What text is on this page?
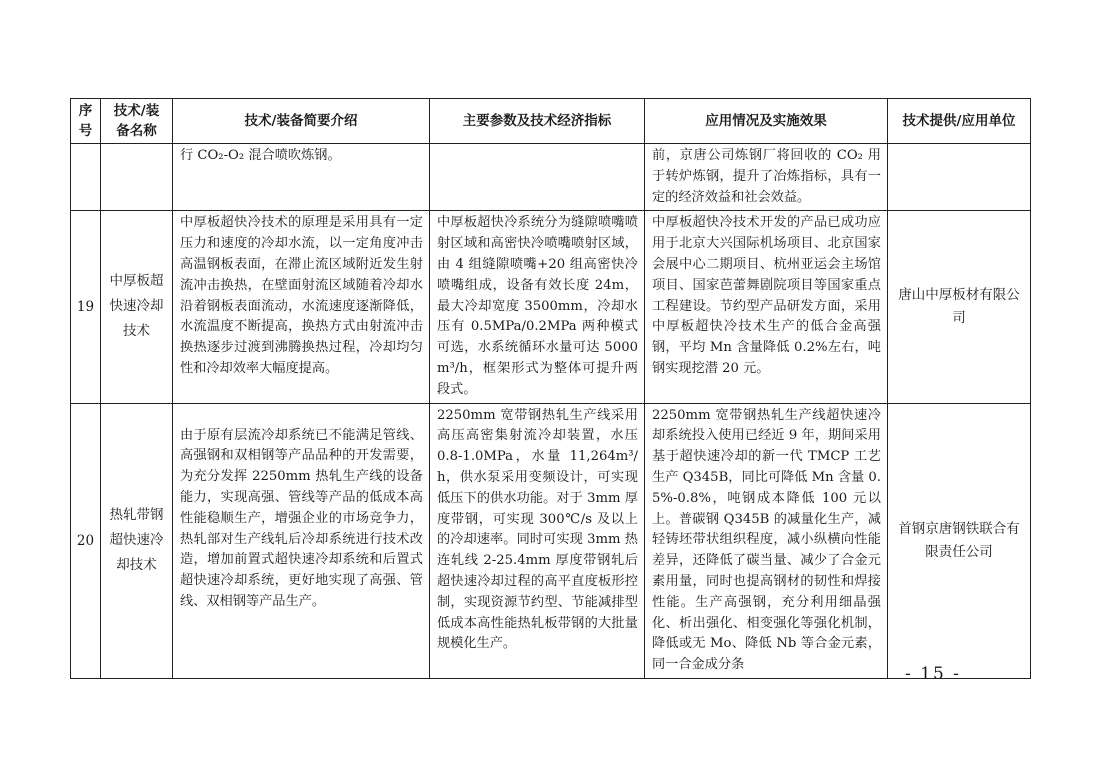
序号	技术/装备名称	技术/装备简要介绍	主要参数及技术经济指标	应用情况及实施效果	技术提供/应用单位

		行 CO₂-O₂ 混合喷吹炼钢。		前，京唐公司炼钢厂将回收的 CO₂ 用于转炉炼钢，提升了冶炼指标，具有一定的经济效益和社会效益。	

19	中厚板超快速冷却技术	中厚板超快冷技术的原理是采用具有一定压力和速度的冷却水流，以一定角度冲击高温钢板表面，在滞止流区域附近发生射流冲击换热，在壁面射流区域随着冷却水沿着钢板表面流动，水流速度逐渐降低，水流温度不断提高，换热方式由射流冲击换热逐步过渡到沸腾换热过程，冷却均匀性和冷却效率大幅度提高。	中厚板超快冷系统分为缝隙喷嘴喷射区域和高密快冷喷嘴喷射区域，由 4 组缝隙喷嘴+20 组高密快冷喷嘴组成，设备有效长度 24m，最大冷却宽度 3500mm，冷却水压有 0.5MPa/0.2MPa 两种模式可选，水系统循环水量可达 5000m³/h，框架形式为整体可提升两段式。	中厚板超快冷技术开发的产品已成功应用于北京大兴国际机场项目、北京国家会展中心二期项目、杭州亚运会主场馆项目、国家芭蕾舞剧院项目等国家重点工程建设。节约型产品研发方面，采用中厚板超快冷技术生产的低合金高强钢，平均 Mn 含量降低 0.2%左右，吨钢实现挖潜 20 元。	唐山中厚板材有限公司
20	热轧带钢超快速冷却技术	由于原有层流冷却系统已不能满足管线、高强钢和双相钢等产品品种的开发需要，为充分发挥 2250mm 热轧生产线的设备能力，实现高强、管线等产品的低成本高性能稳顺生产，增强企业的市场竞争力，热轧部对生产线轧后冷却系统进行技术改造，增加前置式超快速冷却系统和后置式超快速冷却系统，更好地实现了高强、管线、双相钢等产品生产。	2250mm 宽带钢热轧生产线采用高压高密集射流冷却装置，水压 0.8-1.0MPa，水量 11,264m³/h，供水泵采用变频设计，可实现低压下的供水功能。对于 3mm 厚度带钢，可实现 300℃/s 及以上的冷却速率。同时可实现 3mm 热连轧线 2-25.4mm 厚度带钢轧后超快速冷却过程的高平直度板形控制，实现资源节约型、节能减排型低成本高性能热轧板带钢的大批量规模化生产。	2250mm 宽带钢热轧生产线超快速冷却系统投入使用已经近 9 年，期间采用基于超快速冷却的新一代 TMCP 工艺生产 Q345B，同比可降低 Mn 含量 0.5%-0.8%，吨钢成本降低 100 元以上。普碳钢 Q345B 的减量化生产，减轻铸坯带状组织程度，减小纵横向性能差异，还降低了碳当量、减少了合金元素用量，同时也提高钢材的韧性和焊接性能。生产高强钢，充分利用细晶强化、析出强化、相变强化等强化机制，降低或无 Mo、降低 Nb 等合金元素，同一合金成分条	首钢京唐钢铁联合有限责任公司
- 15 -
